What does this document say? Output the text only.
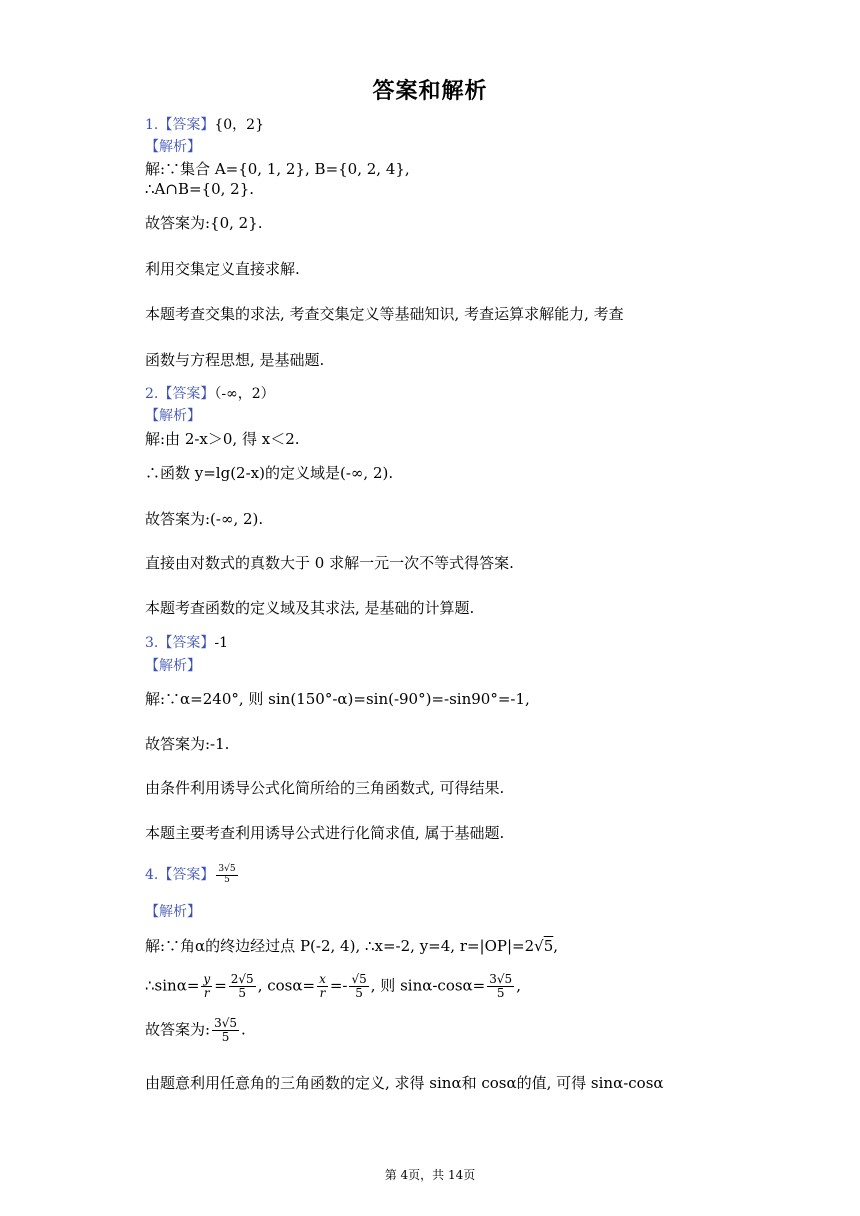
答案和解析
1.【答案】{0，2}
【解析】
解:∵集合 A={0, 1, 2}, B={0, 2, 4},
∴A∩B={0, 2}.
故答案为:{0, 2}.
利用交集定义直接求解.
本题考查交集的求法, 考查交集定义等基础知识, 考查运算求解能力, 考查
函数与方程思想, 是基础题.
2.【答案】（-∞，2）
【解析】
解:由 2-x＞0, 得 x＜2.
∴函数 y=lg(2-x)的定义域是(-∞, 2).
故答案为:(-∞, 2).
直接由对数式的真数大于 0 求解一元一次不等式得答案.
本题考查函数的定义域及其求法, 是基础的计算题.
3.【答案】-1
【解析】
解:∵α=240°, 则 sin(150°-α)=sin(-90°)=-sin90°=-1,
故答案为:-1.
由条件利用诱导公式化简所给的三角函数式, 可得结果.
本题主要考查利用诱导公式进行化简求值, 属于基础题.
4.【答案】 $\frac{3√5}{5}$
【解析】
解:∵角α的终边经过点 P(-2, 4), ∴x=-2, y=4, r=|OP|=2√5,
∴sinα= $\frac{y}{r} = \frac{2√5}{5}$ , $\cos\alpha= \frac{x}{r} =- \frac{√5}{5}$ , 则 $\sin\alpha-\cos\alpha= \frac{3√5}{5}$ ,
故答案为: $\frac{3√5}{5}$ .
由题意利用任意角的三角函数的定义, 求得 sinα和 cosα的值, 可得 sinα-cosα
第 4页，共 14页
